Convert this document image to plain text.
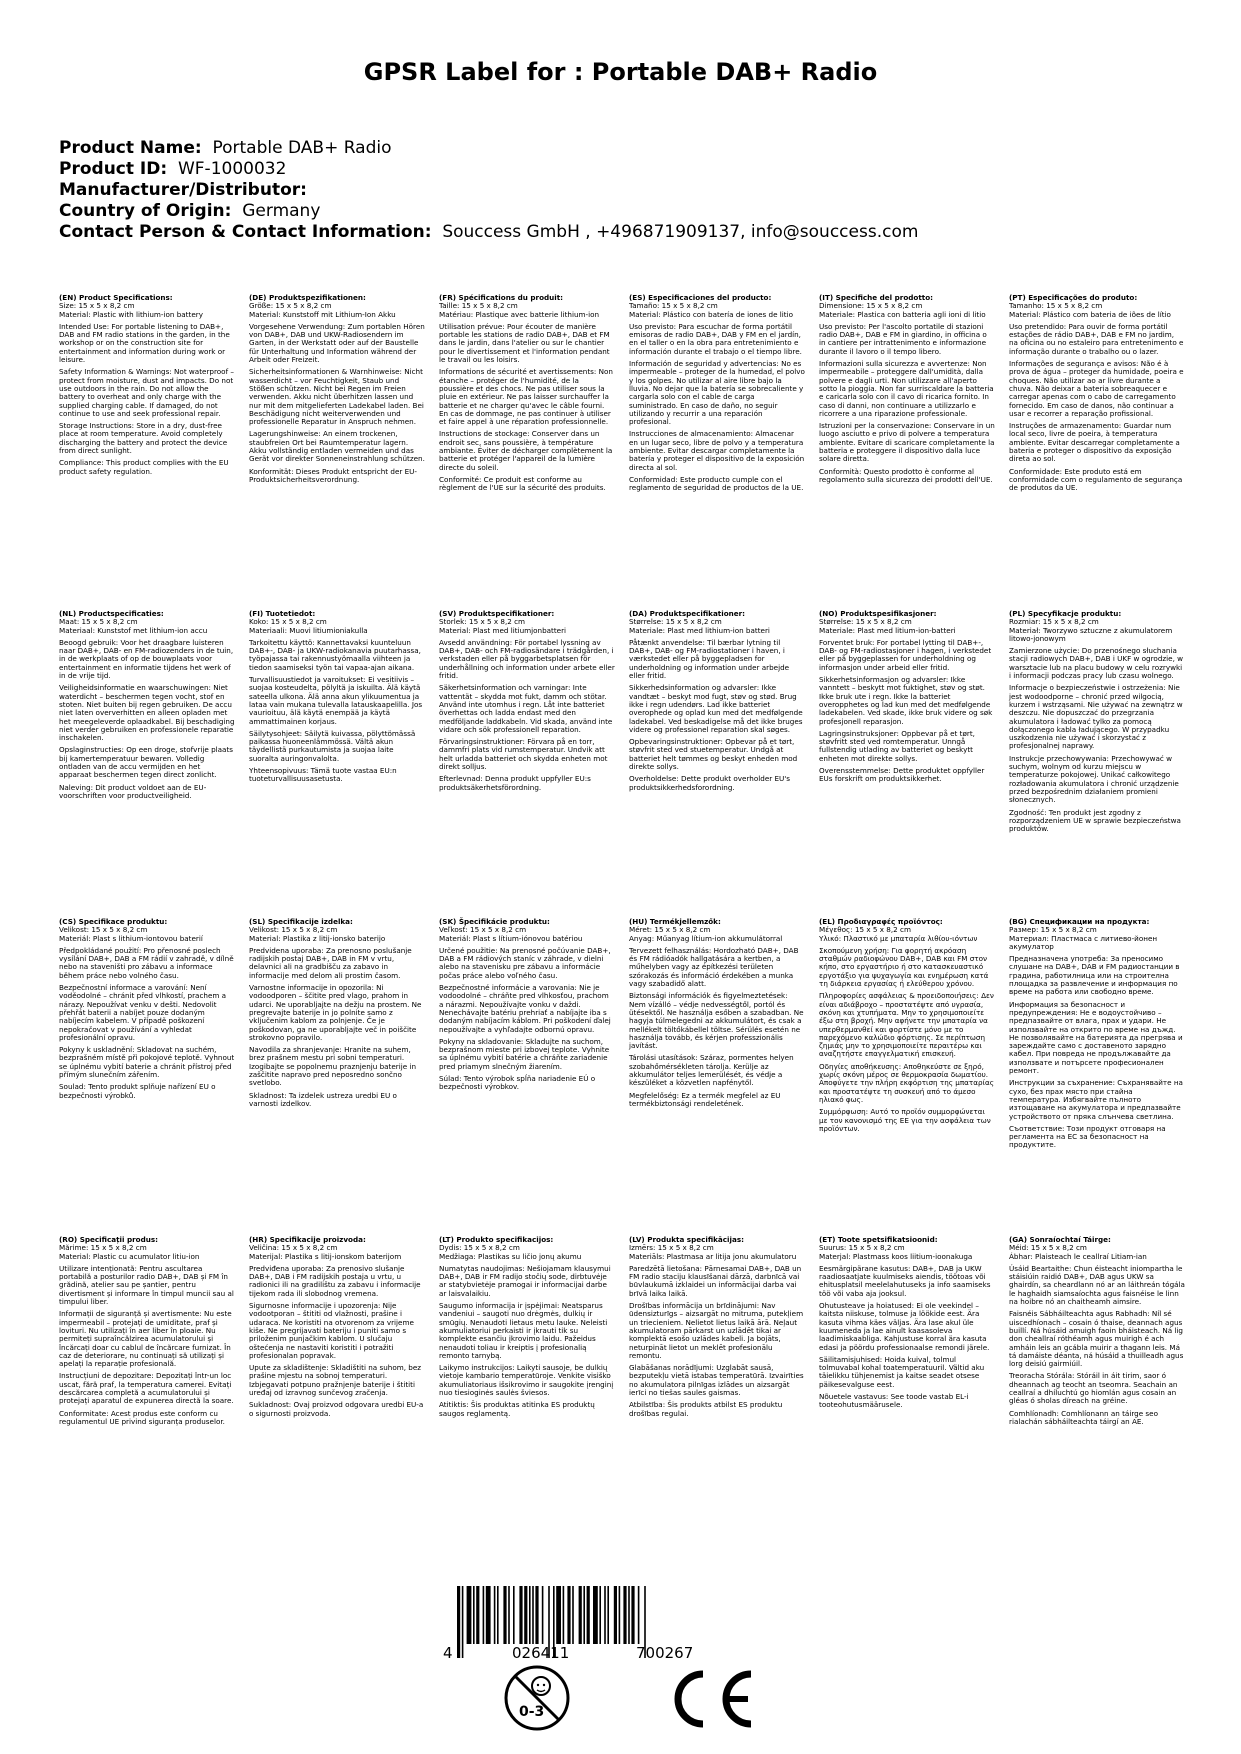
GPSR Label for : Portable DAB+ Radio
Product Name: Portable DAB+ Radio
Product ID: WF-1000032
Manufacturer/Distributor:
Country of Origin: Germany
Contact Person & Contact Information: Souccess GmbH , +496871909137, info@souccess.com
(EN) Product Specifications:

Size: 15 x 5 x 8,2 cm

Material: Plastic with lithium-ion battery

Intended Use: For portable listening to DAB+, DAB and FM radio stations in the garden, in the workshop or on the construction site for entertainment and information during work or leisure.

Safety Information & Warnings: Not waterproof – protect from moisture, dust and impacts. Do not use outdoors in the rain. Do not allow the battery to overheat and only charge with the supplied charging cable. If damaged, do not continue to use and seek professional repair.

Storage Instructions: Store in a dry, dust-free place at room temperature. Avoid completely discharging the battery and protect the device from direct sunlight.

Compliance: This product complies with the EU product safety regulation.

(DE) Produktspezifikationen:

Größe: 15 x 5 x 8,2 cm

Material: Kunststoff mit Lithium-Ion Akku

Vorgesehene Verwendung: Zum portablen Hören von DAB+, DAB und UKW-Radiosendern im Garten, in der Werkstatt oder auf der Baustelle für Unterhaltung und Information während der Arbeit oder Freizeit.

Sicherheitsinformationen & Warnhinweise: Nicht wasserdicht – vor Feuchtigkeit, Staub und Stößen schützen. Nicht bei Regen im Freien verwenden. Akku nicht überhitzen lassen und nur mit dem mitgelieferten Ladekabel laden. Bei Beschädigung nicht weiterverwenden und professionelle Reparatur in Anspruch nehmen.

Lagerungshinweise: An einem trockenen, staubfreien Ort bei Raumtemperatur lagern. Akku vollständig entladen vermeiden und das Gerät vor direkter Sonneneinstrahlung schützen.

Konformität: Dieses Produkt entspricht der EU-Produktsicherheitsverordnung.

(FR) Spécifications du produit:

Taille: 15 x 5 x 8,2 cm

Matériau: Plastique avec batterie lithium-ion

Utilisation prévue: Pour écouter de manière portable les stations de radio DAB+, DAB et FM dans le jardin, dans l'atelier ou sur le chantier pour le divertissement et l'information pendant le travail ou les loisirs.

Informations de sécurité et avertissements: Non étanche – protéger de l'humidité, de la poussière et des chocs. Ne pas utiliser sous la pluie en extérieur. Ne pas laisser surchauffer la batterie et ne charger qu'avec le câble fourni. En cas de dommage, ne pas continuer à utiliser et faire appel à une réparation professionnelle.

Instructions de stockage: Conserver dans un endroit sec, sans poussière, à température ambiante. Éviter de décharger complètement la batterie et protéger l'appareil de la lumière directe du soleil.

Conformité: Ce produit est conforme au règlement de l'UE sur la sécurité des produits.

(ES) Especificaciones del producto:

Tamaño: 15 x 5 x 8,2 cm

Material: Plástico con batería de iones de litio

Uso previsto: Para escuchar de forma portátil emisoras de radio DAB+, DAB y FM en el jardín, en el taller o en la obra para entretenimiento e información durante el trabajo o el tiempo libre.

Información de seguridad y advertencias: No es impermeable – proteger de la humedad, el polvo y los golpes. No utilizar al aire libre bajo la lluvia. No dejar que la batería se sobrecaliente y cargarla solo con el cable de carga suministrado. En caso de daño, no seguir utilizando y recurrir a una reparación profesional.

Instrucciones de almacenamiento: Almacenar en un lugar seco, libre de polvo y a temperatura ambiente. Evitar descargar completamente la batería y proteger el dispositivo de la exposición directa al sol.

Conformidad: Este producto cumple con el reglamento de seguridad de productos de la UE.

(IT) Specifiche del prodotto:

Dimensione: 15 x 5 x 8,2 cm

Materiale: Plastica con batteria agli ioni di litio

Uso previsto: Per l'ascolto portatile di stazioni radio DAB+, DAB e FM in giardino, in officina o in cantiere per intrattenimento e informazione durante il lavoro o il tempo libero.

Informazioni sulla sicurezza e avvertenze: Non impermeabile – proteggere dall'umidità, dalla polvere e dagli urti. Non utilizzare all'aperto sotto la pioggia. Non far surriscaldare la batteria e caricarla solo con il cavo di ricarica fornito. In caso di danni, non continuare a utilizzarlo e ricorrere a una riparazione professionale.

Istruzioni per la conservazione: Conservare in un luogo asciutto e privo di polvere a temperatura ambiente. Evitare di scaricare completamente la batteria e proteggere il dispositivo dalla luce solare diretta.

Conformità: Questo prodotto è conforme al regolamento sulla sicurezza dei prodotti dell'UE.

(PT) Especificações do produto:

Tamanho: 15 x 5 x 8,2 cm

Material: Plástico com bateria de iões de lítio

Uso pretendido: Para ouvir de forma portátil estações de rádio DAB+, DAB e FM no jardim, na oficina ou no estaleiro para entretenimento e informação durante o trabalho ou o lazer.

Informações de segurança e avisos: Não é à prova de água – proteger da humidade, poeira e choques. Não utilizar ao ar livre durante a chuva. Não deixar a bateria sobreaquecer e carregar apenas com o cabo de carregamento fornecido. Em caso de danos, não continuar a usar e recorrer a reparação profissional.

Instruções de armazenamento: Guardar num local seco, livre de poeira, à temperatura ambiente. Evitar descarregar completamente a bateria e proteger o dispositivo da exposição direta ao sol.

Conformidade: Este produto está em conformidade com o regulamento de segurança de produtos da UE.

(NL) Productspecificaties:

Maat: 15 x 5 x 8,2 cm

Materiaal: Kunststof met lithium-ion accu

Beoogd gebruik: Voor het draagbare luisteren naar DAB+, DAB- en FM-radiozenders in de tuin, in de werkplaats of op de bouwplaats voor entertainment en informatie tijdens het werk of in de vrije tijd.

Veiligheidsinformatie en waarschuwingen: Niet waterdicht – beschermen tegen vocht, stof en stoten. Niet buiten bij regen gebruiken. De accu niet laten oververhitten en alleen opladen met het meegeleverde oplaadkabel. Bij beschadiging niet verder gebruiken en professionele reparatie inschakelen.

Opslaginstructies: Op een droge, stofvrije plaats bij kamertemperatuur bewaren. Volledig ontladen van de accu vermijden en het apparaat beschermen tegen direct zonlicht.

Naleving: Dit product voldoet aan de EU-voorschriften voor productveiligheid.

(FI) Tuotetiedot:

Koko: 15 x 5 x 8,2 cm

Materiaali: Muovi litiumioniakulla

Tarkoitettu käyttö: Kannettavaksi kuunteluun DAB+-, DAB- ja UKW-radiokanavia puutarhassa, työpajassa tai rakennustyömaalla viihteen ja tiedon saamiseksi työn tai vapaa-ajan aikana.

Turvallisuustiedot ja varoitukset: Ei vesitiivis – suojaa kosteudelta, pölyltä ja iskuilta. Älä käytä sateella ulkona. Älä anna akun ylikuumentua ja lataa vain mukana tulevalla latauskaapelilla. Jos vaurioituu, älä käytä enempää ja käytä ammattimainen korjaus.

Säilytysohjeet: Säilytä kuivassa, pölyttömässä paikassa huoneenlämmössä. Vältä akun täydellistä purkautumista ja suojaa laite suoralta auringonvalolta.

Yhteensopivuus: Tämä tuote vastaa EU:n tuoteturvallisuusasetusta.

(SV) Produktspecifikationer:

Storlek: 15 x 5 x 8,2 cm

Material: Plast med litiumjonbatteri

Avsedd användning: För portabel lyssning av DAB+, DAB- och FM-radiosändare i trädgården, i verkstaden eller på byggarbetsplatsen för underhållning och information under arbete eller fritid.

Säkerhetsinformation och varningar: Inte vattentät – skydda mot fukt, damm och stötar. Använd inte utomhus i regn. Låt inte batteriet överhettas och ladda endast med den medföljande laddkabeln. Vid skada, använd inte vidare och sök professionell reparation.

Förvaringsinstruktioner: Förvara på en torr, dammfri plats vid rumstemperatur. Undvik att helt urladda batteriet och skydda enheten mot direkt solljus.

Efterlevnad: Denna produkt uppfyller EU:s produktsäkerhetsförordning.

(DA) Produktspecifikationer:

Størrelse: 15 x 5 x 8,2 cm

Materiale: Plast med lithium-ion batteri

Påtænkt anvendelse: Til bærbar lytning til DAB+, DAB- og FM-radiostationer i haven, i værkstedet eller på byggepladsen for underholdning og information under arbejde eller fritid.

Sikkerhedsinformation og advarsler: Ikke vandtæt – beskyt mod fugt, støv og stød. Brug ikke i regn udendørs. Lad ikke batteriet overophede og oplad kun med det medfølgende ladekabel. Ved beskadigelse må det ikke bruges videre og professionel reparation skal søges.

Opbevaringsinstruktioner: Opbevar på et tørt, støvfrit sted ved stuetemperatur. Undgå at batteriet helt tømmes og beskyt enheden mod direkte sollys.

Overholdelse: Dette produkt overholder EU's produktsikkerhedsforordning.

(NO) Produktspesifikasjoner:

Størrelse: 15 x 5 x 8,2 cm

Materiale: Plast med litium-ion-batteri

Forventet bruk: For portabel lytting til DAB+-, DAB- og FM-radiostasjoner i hagen, i verkstedet eller på byggeplassen for underholdning og informasjon under arbeid eller fritid.

Sikkerhetsinformasjon og advarsler: Ikke vanntett – beskytt mot fuktighet, støv og støt. Ikke bruk ute i regn. Ikke la batteriet overopphetes og lad kun med det medfølgende ladekabelen. Ved skade, ikke bruk videre og søk profesjonell reparasjon.

Lagringsinstruksjoner: Oppbevar på et tørt, støvfritt sted ved romtemperatur. Unngå fullstendig utlading av batteriet og beskytt enheten mot direkte sollys.

Overensstemmelse: Dette produktet oppfyller EUs forskrift om produktsikkerhet.

(PL) Specyfikacje produktu:

Rozmiar: 15 x 5 x 8,2 cm

Materiał: Tworzywo sztuczne z akumulatorem litowo-jonowym

Zamierzone użycie: Do przenośnego słuchania stacji radiowych DAB+, DAB i UKF w ogrodzie, w warsztacie lub na placu budowy w celu rozrywki i informacji podczas pracy lub czasu wolnego.

Informacje o bezpieczeństwie i ostrzeżenia: Nie jest wodoodporne – chronić przed wilgocią, kurzem i wstrząsami. Nie używać na zewnątrz w deszczu. Nie dopuszczać do przegrzania akumulatora i ładować tylko za pomocą dołączonego kabla ładującego. W przypadku uszkodzenia nie używać i skorzystać z profesjonalnej naprawy.

Instrukcje przechowywania: Przechowywać w suchym, wolnym od kurzu miejscu w temperaturze pokojowej. Unikać całkowitego rozładowania akumulatora i chronić urządzenie przed bezpośrednim działaniem promieni słonecznych.

Zgodność: Ten produkt jest zgodny z rozporządzeniem UE w sprawie bezpieczeństwa produktów.

(CS) Specifikace produktu:

Velikost: 15 x 5 x 8,2 cm

Materiál: Plast s lithium-iontovou baterií

Předpokládané použití: Pro přenosné poslech vysílání DAB+, DAB a FM rádií v zahradě, v dílně nebo na staveništi pro zábavu a informace během práce nebo volného času.

Bezpečnostní informace a varování: Není voděodolné – chránit před vlhkostí, prachem a nárazy. Nepoužívat venku v dešti. Nedovolit přehřát baterii a nabíjet pouze dodaným nabíjecím kabelem. V případě poškození nepokračovat v používání a vyhledat profesionální opravu.

Pokyny k uskladnění: Skladovat na suchém, bezprašném místě při pokojové teplotě. Vyhnout se úplnému vybití baterie a chránit přístroj před přímým slunečním zářením.

Soulad: Tento produkt splňuje nařízení EU o bezpečnosti výrobků.

(SL) Specifikacije izdelka:

Velikost: 15 x 5 x 8,2 cm

Material: Plastika z litij-ionsko baterijo

Predvidena uporaba: Za prenosno poslušanje radijskih postaj DAB+, DAB in FM v vrtu, delavnici ali na gradbišču za zabavo in informacije med delom ali prostim časom.

Varnostne informacije in opozorila: Ni vodoodporen – ščitite pred vlago, prahom in udarci. Ne uporabljajte na dežju na prostem. Ne pregrevajte baterije in jo polnite samo z vključenim kablom za polnjenje. Če je poškodovan, ga ne uporabljajte več in poiščite strokovno popravilo.

Navodila za shranjevanje: Hranite na suhem, brez prašnem mestu pri sobni temperaturi. Izogibajte se popolnemu praznjenju baterije in zaščitite napravo pred neposredno sončno svetlobo.

Skladnost: Ta izdelek ustreza uredbi EU o varnosti izdelkov.

(SK) Špecifikácie produktu:

Veľkosť: 15 x 5 x 8,2 cm

Materiál: Plast s lítium-iónovou batériou

Určené použitie: Na prenosné počúvanie DAB+, DAB a FM rádiových staníc v záhrade, v dielni alebo na stavenisku pre zábavu a informácie počas práce alebo voľného času.

Bezpečnostné informácie a varovania: Nie je vodoodolné – chráňte pred vlhkosťou, prachom a nárazmi. Nepoužívajte vonku v daždi. Nenechávajte batériu prehriať a nabíjajte iba s dodaným nabíjacím káblom. Pri poškodení ďalej nepoužívajte a vyhľadajte odbornú opravu.

Pokyny na skladovanie: Skladujte na suchom, bezprašnom mieste pri izbovej teplote. Vyhnite sa úplnému vybití batérie a chráňte zariadenie pred priamym slnečným žiarením.

Súlad: Tento výrobok spĺňa nariadenie EÚ o bezpečnosti výrobkov.

(HU) Termékjellemzők:

Méret: 15 x 5 x 8,2 cm

Anyag: Műanyag lítium-ion akkumulátorral

Tervezett felhasználás: Hordozható DAB+, DAB és FM rádióadók hallgatására a kertben, a műhelyben vagy az építkezési területen szórakozás és információ érdekében a munka vagy szabadidő alatt.

Biztonsági információk és figyelmeztetések: Nem vízálló – védje nedvességtől, portól és ütésektől. Ne használja esőben a szabadban. Ne hagyja túlmelegedni az akkumulátort, és csak a mellékelt töltőkábellel töltse. Sérülés esetén ne használja tovább, és kérjen professzionális javítást.

Tárolási utasítások: Száraz, pormentes helyen szobahőmérsékleten tárolja. Kerülje az akkumulátor teljes lemerülését, és védje a készüléket a közvetlen napfénytől.

Megfelelőség: Ez a termék megfelel az EU termékbiztonsági rendeletének.

(EL) Προδιαγραφές προϊόντος:

Μέγεθος: 15 x 5 x 8,2 cm

Υλικό: Πλαστικό με μπαταρία λιθίου-ιόντων

Σκοπούμενη χρήση: Για φορητή ακρόαση σταθμών ραδιοφώνου DAB+, DAB και FM στον κήπο, στο εργαστήριο ή στο κατασκευαστικό εργοτάξιο για ψυχαγωγία και ενημέρωση κατά τη διάρκεια εργασίας ή ελεύθερου χρόνου.

Πληροφορίες ασφάλειας & προειδοποιήσεις: Δεν είναι αδιάβροχο – προστατέψτε από υγρασία, σκόνη και χτυπήματα. Μην το χρησιμοποιείτε έξω στη βροχή. Μην αφήνετε την μπαταρία να υπερθερμανθεί και φορτίστε μόνο με το παρεχόμενο καλώδιο φόρτισης. Σε περίπτωση ζημιάς μην το χρησιμοποιείτε περαιτέρω και αναζητήστε επαγγελματική επισκευή.

Οδηγίες αποθήκευσης: Αποθηκεύστε σε ξηρό, χωρίς σκόνη μέρος σε θερμοκρασία δωματίου. Αποφύγετε την πλήρη εκφόρτιση της μπαταρίας και προστατέψτε τη συσκευή από το άμεσο ηλιακό φως.

Συμμόρφωση: Αυτό το προϊόν συμμορφώνεται με τον κανονισμό της ΕΕ για την ασφάλεια των προϊόντων.

(BG) Спецификации на продукта:

Размер: 15 x 5 x 8,2 cm

Материал: Пластмаса с литиево-йонен акумулатор

Предназначена употреба: За преносимо слушане на DAB+, DAB и FM радиостанции в градина, работилница или на строителна площадка за развлечение и информация по време на работа или свободно време.

Информация за безопасност и предупреждения: Не е водоустойчиво – предпазвайте от влага, прах и удари. Не използвайте на открито по време на дъжд. Не позволявайте на батерията да прегрява и зареждайте само с доставеното зарядно кабел. При повреда не продължавайте да използвате и потърсете професионален ремонт.

Инструкции за съхранение: Съхранявайте на сухо, без прах място при стайна температура. Избягвайте пълното изтощаване на акумулатора и предпазвайте устройството от пряка слънчева светлина.

Съответствие: Този продукт отговаря на регламента на ЕС за безопасност на продуктите.

(RO) Specificații produs:

Mărime: 15 x 5 x 8,2 cm

Material: Plastic cu acumulator litiu-ion

Utilizare intenționată: Pentru ascultarea portabilă a posturilor radio DAB+, DAB și FM în grădină, atelier sau pe șantier, pentru divertisment și informare în timpul muncii sau al timpului liber.

Informații de siguranță și avertismente: Nu este impermeabil – protejați de umiditate, praf și lovituri. Nu utilizați în aer liber în ploaie. Nu permiteți supraîncălzirea acumulatorului și încărcați doar cu cablul de încărcare furnizat. În caz de deteriorare, nu continuați să utilizați și apelați la reparație profesională.

Instrucțiuni de depozitare: Depozitați într-un loc uscat, fără praf, la temperatura camerei. Evitați descărcarea completă a acumulatorului și protejați aparatul de expunerea directă la soare.

Conformitate: Acest produs este conform cu regulamentul UE privind siguranța produselor.

(HR) Specifikacije proizvoda:

Veličina: 15 x 5 x 8,2 cm

Materijal: Plastika s litij-ionskom baterijom

Predviđena uporaba: Za prenosivo slušanje DAB+, DAB i FM radijskih postaja u vrtu, u radionici ili na gradilištu za zabavu i informacije tijekom rada ili slobodnog vremena.

Sigurnosne informacije i upozorenja: Nije vodootporan – štititi od vlažnosti, prašine i udaraca. Ne koristiti na otvorenom za vrijeme kiše. Ne pregrijavati bateriju i puniti samo s priloženim punjačkim kablom. U slučaju oštećenja ne nastaviti koristiti i potražiti profesionalan popravak.

Upute za skladištenje: Skladištiti na suhom, bez prašine mjestu na sobnoj temperaturi. Izbjegavati potpuno pražnjenje baterije i štititi uređaj od izravnog sunčevog zračenja.

Sukladnost: Ovaj proizvod odgovara uredbi EU-a o sigurnosti proizvoda.

(LT) Produkto specifikacijos:

Dydis: 15 x 5 x 8,2 cm

Medžiaga: Plastikas su ličio jonų akumu

Numatytas naudojimas: Nešiojamam klausymui DAB+, DAB ir FM radijo stočių sode, dirbtuvėje ar statybvietėje pramogai ir informacijai darbe ar laisvalaikiu.

Saugumo informacija ir įspėjimai: Neatsparus vandeniui – saugoti nuo drėgmės, dulkių ir smūgių. Nenaudoti lietaus metu lauke. Neleisti akumuliatoriui perkaisti ir įkrauti tik su komplekte esančiu įkrovimo laidu. Pažeidus nenaudoti toliau ir kreiptis į profesionalią remonto tarnybą.

Laikymo instrukcijos: Laikyti sausoje, be dulkių vietoje kambario temperatūroje. Venkite visiško akumuliatoriaus išsikrovimo ir saugokite įrenginį nuo tiesioginės saulės šviesos.

Atitiktis: Šis produktas atitinka ES produktų saugos reglamentą.

(LV) Produkta specifikācijas:

Izmērs: 15 x 5 x 8,2 cm

Materiāls: Plastmasa ar litija jonu akumulatoru

Paredzētā lietošana: Pārnesamai DAB+, DAB un FM radio staciju klausīšanai dārzā, darbnīcā vai būvlaukumā izklaidei un informācijai darba vai brīvā laika laikā.

Drošības informācija un brīdinājumi: Nav ūdensizturīgs – aizsargāt no mitruma, putekļiem un triecieniem. Nelietot lietus laikā ārā. Neļaut akumulatoram pārkarst un uzlādēt tikai ar komplektā esošo uzlādes kabeli. Ja bojāts, neturpināt lietot un meklēt profesionālu remontu.

Glabāšanas norādījumi: Uzglabāt sausā, bezputekļu vietā istabas temperatūrā. Izvairīties no akumulatora pilnīgas izlādes un aizsargāt ierīci no tiešas saules gaismas.

Atbilstība: Šis produkts atbilst ES produktu drošības regulai.

(ET) Toote spetsifikatsioonid:

Suurus: 15 x 5 x 8,2 cm

Materjal: Plastmass koos liitium-ioonakuga

Eesmärgipärane kasutus: DAB+, DAB ja UKW raadiosaatjate kuulmiseks aiendis, töötoas või ehitusplatsil meelelahutuseks ja info saamiseks töö või vaba aja jooksul.

Ohutusteave ja hoiatused: Ei ole veekindel – kaitsta niiskuse, tolmuse ja löökide eest. Ära kasuta vihma käes väljas. Ära lase akul üle kuumeneda ja lae ainult kaasasoleva laadimiskaabliga. Kahjustuse korral ära kasuta edasi ja pöördu professionaalse remondi järele.

Säilitamisjuhised: Hoida kuival, tolmul tolmuvabal kohal toatemperatuuril. Vältid aku täielikku tühjenemist ja kaitse seadet otsese päikesevalguse eest.

Nõuetele vastavus: See toode vastab EL-i tooteohutusmäärusele.

(GA) Sonraíochtaí Táirge:

Méid: 15 x 5 x 8,2 cm

Ábhar: Plaisteach le ceallraí Litiam-ian

Úsáid Beartaithe: Chun éisteacht iniompartha le stáisiúin raidió DAB+, DAB agus UKW sa ghairdín, sa cheardlann nó ar an láithreán tógála le haghaidh siamsaíochta agus faisnéise le linn na hoibre nó an chaitheamh aimsire.

Faisnéis Sábháilteachta agus Rabhadh: Níl sé uiscedhíonach – cosain ó thaise, deannach agus buillí. Ná húsáid amuigh faoin bháisteach. Ná lig don cheallraí róthéamh agus muirigh é ach amháin leis an gcábla muirir a thagann leis. Má tá damáiste déanta, ná húsáid a thuilleadh agus lorg deisiú gairmiúil.

Treoracha Stórála: Stóráil in áit tirim, saor ó dheannach ag teocht an tseomra. Seachain an ceallraí a dhíluchtú go hiomlán agus cosain an gléas ó sholas díreach na gréine.

Comhlíonadh: Comhlíonann an táirge seo rialachán sábháilteachta táirgí an AE.

4	026411	700267
0-3
